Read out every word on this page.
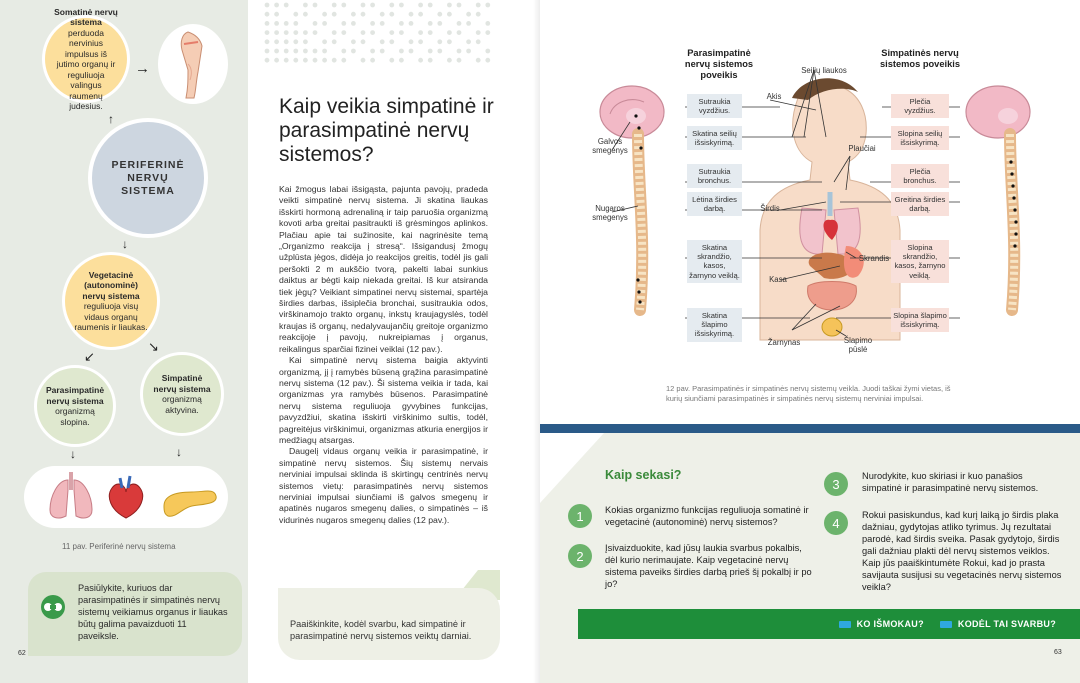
Somatinė nervų sistema perduoda nervinius impulsus iš jutimo organų ir reguliuoja valingus raumenų judesius.
→
↑
PERIFERINĖ NERVŲ SISTEMA
↓
Vegetacinė (autonominė) nervų sistema reguliuoja visų vidaus organų raumenis ir liaukas.
↙
↘
Parasimpatinė nervų sistema organizmą slopina.
Simpatinė nervų sistema organizmą aktyvina.
↓	↓
11 pav. Periferinė nervų sistema
Pasiūlykite, kuriuos dar parasimpatinės ir simpatinės nervų sistemų veikiamus organus ir liaukas būtų galima pavaizduoti 11 paveiksle.
62
Kaip veikia simpatinė ir parasimpatinė nervų sistemos?

Kai žmogus labai išsigąsta, pajunta pavojų, pradeda veikti simpatinė nervų sistema. Ji skatina liaukas išskirti hormoną adrenaliną ir taip paruošia organizmą kovoti arba greitai pasitraukti iš grėsmingos aplinkos. Plačiau apie tai sužinosite, kai nagrinėsite temą „Organizmo reakcija į stresą“. Išsigandusį žmogų užplūsta jėgos, didėja jo reakcijos greitis, todėl jis gali peršokti 2 m aukščio tvorą, pakelti labai sunkius daiktus ar bėgti kaip niekada greitai. Iš kur atsiranda tiek jėgų? Veikiant simpatinei nervų sistemai, spartėja širdies darbas, išsiplečia bronchai, susitraukia odos, virškinamojo trakto organų, inkstų kraujagyslės, todėl kraujas iš organų, nedalyvaujančių greitoje organizmo reakcijoje į pavojų, nukreipiamas į organus, reikalingus sparčiai fizinei veiklai (12 pav.).

Kai simpatinė nervų sistema baigia aktyvinti organizmą, jį į ramybės būseną grąžina parasimpatinė nervų sistema (12 pav.). Ši sistema veikia ir tada, kai organizmas yra ramybės būsenos. Parasimpatinė nervų sistema reguliuoja gyvybines funkcijas, pavyzdžiui, skatina išskirti virškinimo sultis, todėl, pagreitėjus virškinimui, organizmas atkuria energijos ir medžiagų atsargas.

Daugelį vidaus organų veikia ir parasimpatinė, ir simpatinė nervų sistemos. Šių sistemų nervais nerviniai impulsai sklinda iš skirtingų centrinės nervų sistemos vietų: parasimpatinės nervų sistemos nerviniai impulsai siunčiami iš galvos smegenų ir apatinės nugaros smegenų dalies, o simpatinės – iš vidurinės nugaros smegenų dalies (12 pav.).

Paaiškinkite, kodėl svarbu, kad simpatinė ir parasimpatinė nervų sistemos veiktų darniai.
Parasimpatinė nervų sistemos poveikis
Simpatinės nervų sistemos poveikis
Galvos smegenys
Nugaros smegenys
Seilių liaukos
Akis
Plaučiai
Širdis
Skrandis
Kasa
Žarnynas	Šlapimo pūslė
Sutraukia vyzdžius.
Skatina seilių išsiskyrimą.
Sutraukia bronchus.
Lėtina širdies darbą.
Skatina skrandžio, kasos, žarnyno veiklą.
Skatina šlapimo išsiskyrimą.
Plečia vyzdžius.
Slopina seilių išsiskyrimą.
Plečia bronchus.
Greitina širdies darbą.
Slopina skrandžio, kasos, žarnyno veiklą.
Slopina šlapimo išsiskyrimą.
12 pav. Parasimpatinės ir simpatinės nervų sistemų veikla. Juodi taškai žymi vietas, iš kurių siunčiami parasimpatinės ir simpatinės nervų sistemų nerviniai impulsai.
Kaip sekasi?
1	Kokias organizmo funkcijas reguliuoja somatinė ir vegetacinė (autonominė) nervų sistemos?
2
Įsivaizduokite, kad jūsų laukia svarbus pokalbis, dėl kurio nerimaujate. Kaip vegetacinė nervų sistema paveiks širdies darbą prieš šį pokalbį ir po jo?
3
Nurodykite, kuo skiriasi ir kuo panašios simpatinė ir parasimpatinė nervų sistemos.
4
Rokui pasiskundus, kad kurį laiką jo širdis plaka dažniau, gydytojas atliko tyrimus. Jų rezultatai parodė, kad širdis sveika. Pasak gydytojo, širdis gali dažniau plakti dėl nervų sistemos veiklos. Kaip jūs paaiškintumėte Rokui, kad jo prasta savijauta susijusi su vegetacinės nervų sistemos veikla?
KO IŠMOKAU?	KODĖL TAI SVARBU?
63
